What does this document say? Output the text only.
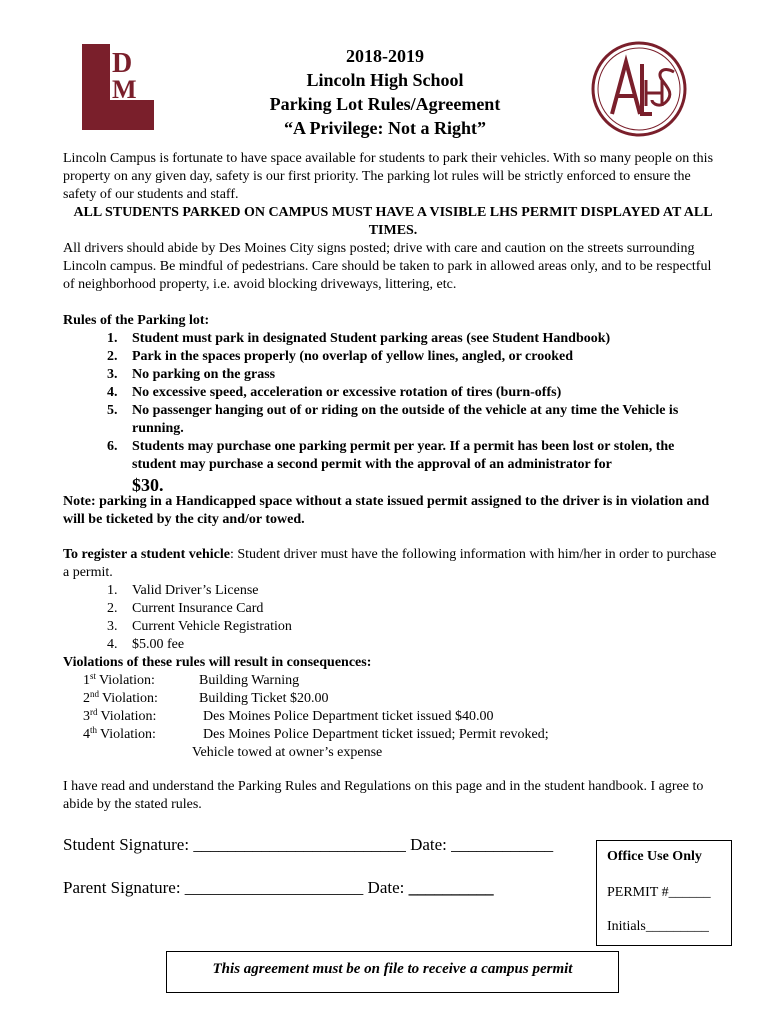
D
M
2018-2019
Lincoln High School
Parking Lot Rules/Agreement
“A Privilege: Not a Right”
Lincoln Campus is fortunate to have space available for students to park their vehicles. With so many people on this property on any given day, safety is our first priority. The parking lot rules will be strictly enforced to ensure the safety of our students and staff.
ALL STUDENTS PARKED ON CAMPUS MUST HAVE A VISIBLE LHS PERMIT DISPLAYED AT ALL TIMES.
All drivers should abide by Des Moines City signs posted; drive with care and caution on the streets surrounding Lincoln campus. Be mindful of pedestrians. Care should be taken to park in allowed areas only, and to be respectful of neighborhood property, i.e. avoid blocking driveways, littering, etc.
Rules of the Parking lot:
1. Student must park in designated Student parking areas (see Student Handbook)
2. Park in the spaces properly (no overlap of yellow lines, angled, or crooked
3. No parking on the grass
4. No excessive speed, acceleration or excessive rotation of tires (burn-offs)
5. No passenger hanging out of or riding on the outside of the vehicle at any time the Vehicle is running.
6. Students may purchase one parking permit per year. If a permit has been lost or stolen, the student may purchase a second permit with the approval of an administrator for
$30.
Note: parking in a Handicapped space without a state issued permit assigned to the driver is in violation and will be ticketed by the city and/or towed.
To register a student vehicle: Student driver must have the following information with him/her in order to purchase a permit.
1. Valid Driver’s License
2. Current Insurance Card
3. Current Vehicle Registration
4. $5.00 fee
Violations of these rules will result in consequences:
1st Violation:	Building Warning
2nd Violation:	Building Ticket $20.00
3rd Violation:	Des Moines Police Department ticket issued $40.00
4th Violation:	Des Moines Police Department ticket issued; Permit revoked;
Vehicle towed at owner’s expense
I have read and understand the Parking Rules and Regulations on this page and in the student handbook. I agree to abide by the stated rules.
Student Signature: _________________________ Date: ____________
Parent Signature: _____________________ Date: __________
Office Use Only
PERMIT #______
Initials_________
This agreement must be on file to receive a campus permit
